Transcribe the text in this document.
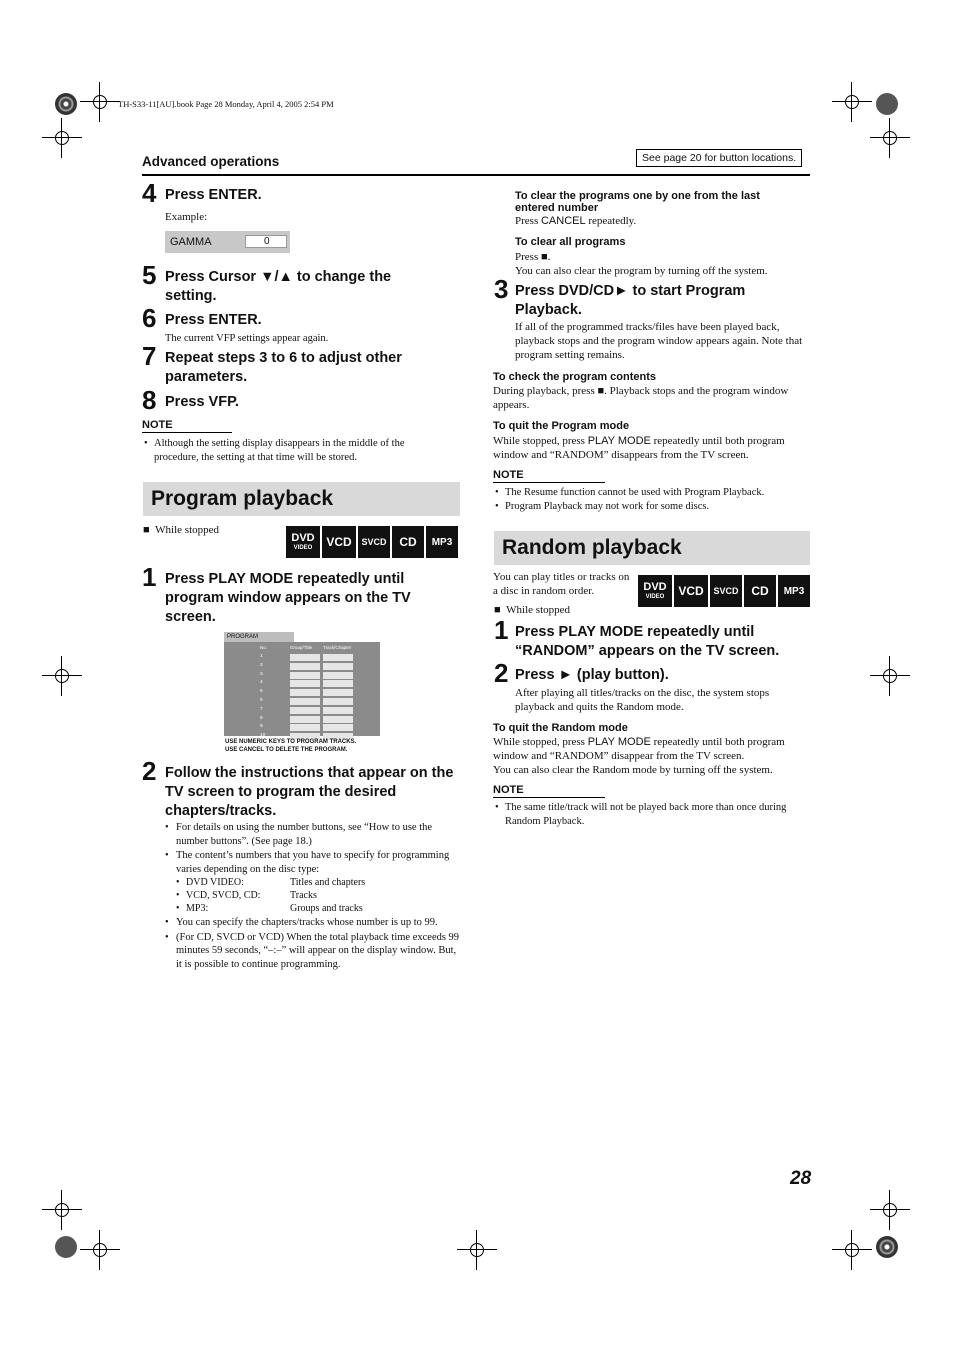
TH-S33-11[AU].book Page 28 Monday, April 4, 2005 2:54 PM
Advanced operations	See page 20 for button locations.
4 Press ENTER.
Example:
GAMMA	0
5 Press Cursor ▼/▲ to change the setting.
6 Press ENTER.
The current VFP settings appear again.
7 Repeat steps 3 to 6 to adjust other parameters.
8 Press VFP.
NOTE
• Although the setting display disappears in the middle of the procedure, the setting at that time will be stored.
Program playback
■  While stopped
DVD
VIDEO	VCD	SVCD	CD	MP3
1 Press PLAY MODE repeatedly until program window appears on the TV screen.
PROGRAM
No.	Group/Title Track/Chapter
1
2
3
4
5
6
7
8
9
10
USE NUMERIC KEYS TO PROGRAM TRACKS.
USE CANCEL TO DELETE THE PROGRAM.
2 Follow the instructions that appear on the TV screen to program the desired chapters/tracks.
• For details on using the number buttons, see “How to use the number buttons”. (See page 18.)
• The content’s numbers that you have to specify for programming varies depending on the disc type:
• DVD VIDEO:	Titles and chapters
• VCD, SVCD, CD:	Tracks
• MP3:	Groups and tracks
• You can specify the chapters/tracks whose number is up to 99.
• (For CD, SVCD or VCD) When the total playback time exceeds 99 minutes 59 seconds, “–:–” will appear on the display window. But, it is possible to continue programming.
To clear the programs one by one from the last entered number
Press CANCEL repeatedly.
To clear all programs
Press ■.
You can also clear the program by turning off the system.
3 Press DVD/CD► to start Program Playback.
If all of the programmed tracks/files have been played back, playback stops and the program window appears again. Note that program setting remains.
To check the program contents
During playback, press ■. Playback stops and the program window appears.
To quit the Program mode
While stopped, press PLAY MODE repeatedly until both program window and “RANDOM” disappears from the TV screen.
NOTE
• The Resume function cannot be used with Program Playback.
• Program Playback may not work for some discs.
Random playback
You can play titles or tracks on a disc in random order.
■  While stopped
DVD
VIDEO	VCD	SVCD	CD	MP3
1 Press PLAY MODE repeatedly until “RANDOM” appears on the TV screen.
2 Press ► (play button).
After playing all titles/tracks on the disc, the system stops playback and quits the Random mode.
To quit the Random mode
While stopped, press PLAY MODE repeatedly until both program window and “RANDOM” disappear from the TV screen.
You can also clear the Random mode by turning off the system.
NOTE
• The same title/track will not be played back more than once during Random Playback.
28
